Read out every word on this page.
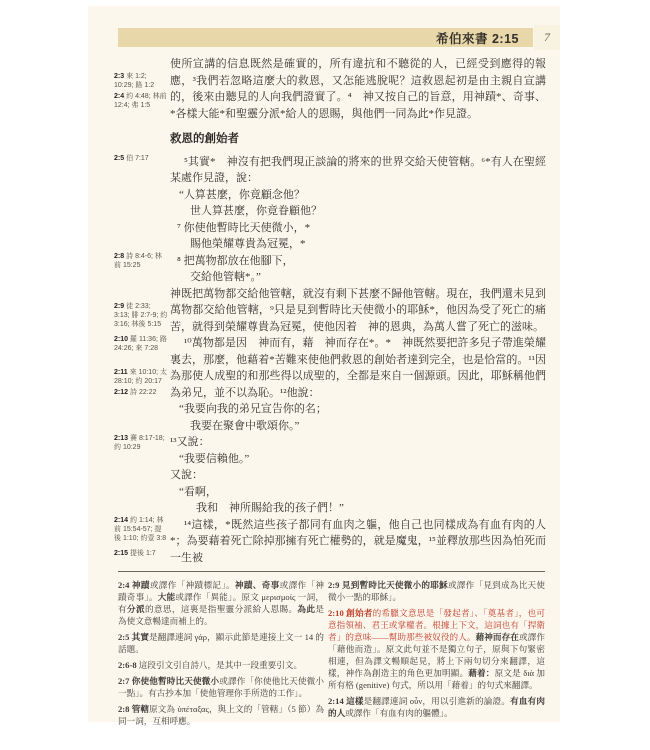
希伯來書 2:15	7
2:3 來 1:2; 10:29; 路 1:2
2:4 約 4:48; 林前 12:4; 弗 1:5
2:5 伯 7:17
2:8 詩 8:4-6; 林前 15:25
2:9 徒 2:33; 3:13; 腓 2:7-9; 約 3:16; 林後 5:15
2:10 羅 11:36; 路 24:26; 來 7:28
2:11 來 10:10; 太 28:10; 約 20:17
2:12 詩 22:22
2:13 賽 8:17-18; 約 10:29
2:14 約 1:14; 林前 15:54-57; 提後 1:10; 約壹 3:8
2:15 提後 1:7

使所宣講的信息既然是確實的，所有違抗和不聽從的人，已經受到應得的報應，³我們若忽略這麼大的救恩，又怎能逃脫呢？這救恩起初是由主親自宣講的，後來由聽見的人向我們證實了。⁴　神又按自己的旨意，用神蹟*、奇事、*各樣大能*和聖靈分派*給人的恩賜，與他們一同為此*作見證。

救恩的創始者

⁵其實*　神沒有把我們現正談論的將來的世界交給天使管轄。⁶*有人在聖經某處作見證，說：

“人算甚麼，你竟顧念他？
世人算甚麼，你竟眷顧他？
⁷ 你使他暫時比天使微小，*
賜他榮耀尊貴為冠冕，*
⁸ 把萬物都放在他腳下，
交給他管轄*。”

神既把萬物都交給他管轄，就沒有剩下甚麼不歸他管轄。現在，我們還未見到萬物都交給他管轄，⁹只是見到暫時比天使微小的耶穌*，他因為受了死亡的痛苦，就得到榮耀尊貴為冠冕，使他因着　神的恩典，為萬人嘗了死亡的滋味。

¹⁰萬物都是因　神而有，藉　神而存在*。*　神既然要把許多兒子帶進榮耀裏去，那麼，他藉着*苦難來使他們救恩的創始者達到完全，也是恰當的。¹¹因為那使人成聖的和那些得以成聖的，全都是來自一個源頭。因此，耶穌稱他們為弟兄，並不以為恥。¹²他說：

“我要向我的弟兄宣告你的名；
我要在聚會中歌頌你。”

¹³又說：

“我要信賴他。”

又說：

“看啊，
我和　神所賜給我的孩子們！”

¹⁴這樣，*既然這些孩子都同有血肉之軀，他自己也同樣成為有血有肉的人*；為要藉着死亡除掉那擁有死亡權勢的，就是魔鬼，¹⁵並釋放那些因為怕死而一生被

2:4 神蹟或譯作「神蹟標記」。神蹟、奇事或譯作「神蹟奇事」。大能或譯作「異能」。原文 μερισμοίς 一詞，有分派的意思，這裏是指聖靈分派給人恩賜。為此是為使文意暢達而補上的。

2:5 其實是翻譯連詞 γάρ，顯示此節是連接上文一 14 的話題。

2:6-8 這段引文引自詩八，是其中一段重要引文。

2:7 你使他暫時比天使微小或譯作「你使他比天使微小一點」。有古抄本加「使他管理你手所造的工作」。

2:8 管轄原文為 ὑπέταξας，與上文的「管轄」（5 節）為同一詞，互相呼應。

2:9 見到暫時比天使微小的耶穌或譯作「見到成為比天使微小一點的耶穌」。

2:10 創始者的希臘文意思是「發起者」、「奠基者」，也可意指領袖、君王或掌權者。根據上下文，這詞也有「捍衛者」的意味——幫助那些被奴役的人。藉神而存在或譯作「藉他而造」。原文此句並不是獨立句子，原與下句緊密相連，但為譯文暢順起見，將上下兩句切分來翻譯，這樣，神作為創造主的角色更加明顯。藉着：原文是 διὰ 加所有格 (genitive) 句式，所以用「藉着」的句式來翻譯。

2:14 這樣是翻譯連詞 οὖν，用以引進新的論證。有血有肉的人或譯作「有血有肉的軀體」。
